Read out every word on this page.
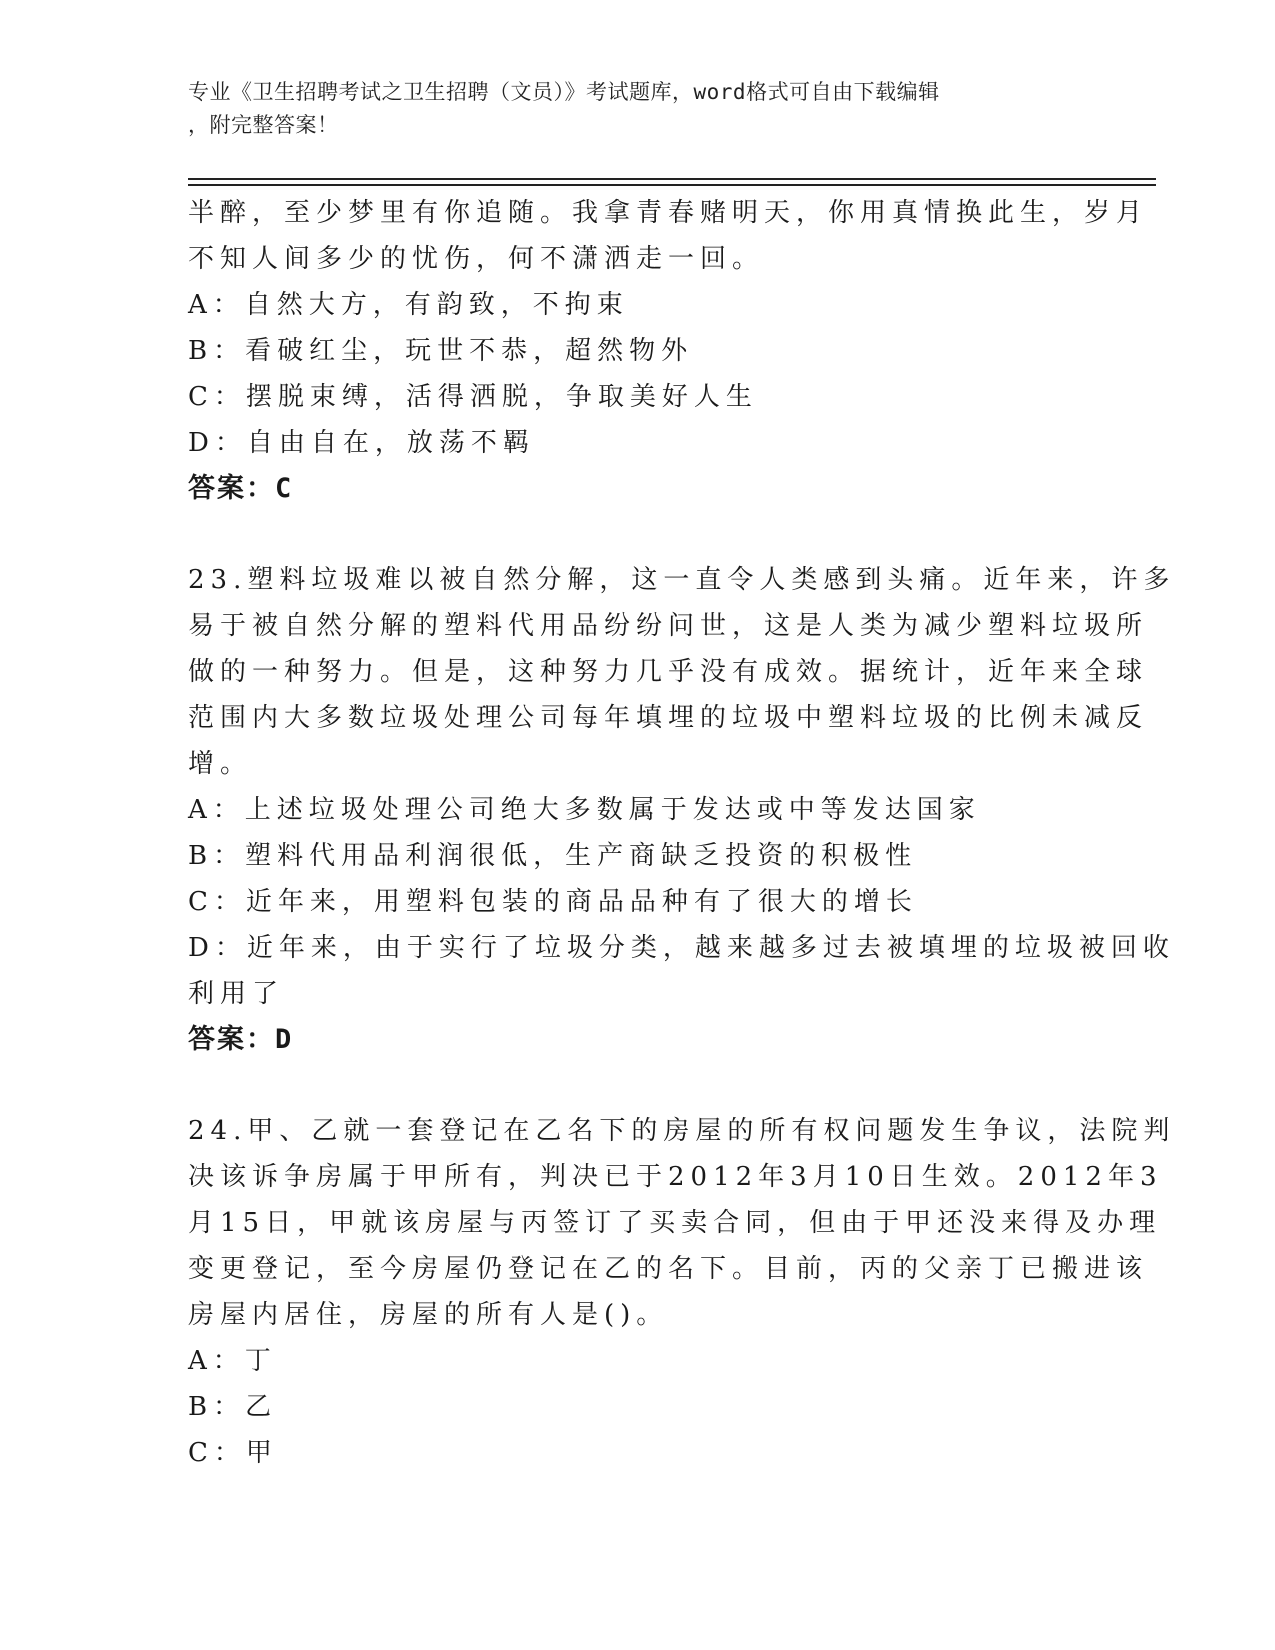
专业《卫生招聘考试之卫生招聘（文员）》考试题库，word格式可自由下载编辑
，附完整答案！
半醉，至少梦里有你追随。我拿青春赌明天，你用真情换此生，岁月
不知人间多少的忧伤，何不潇洒走一回。
A：自然大方，有韵致，不拘束
B：看破红尘，玩世不恭，超然物外
C：摆脱束缚，活得洒脱，争取美好人生
D：自由自在，放荡不羁
答案：C
23.塑料垃圾难以被自然分解，这一直令人类感到头痛。近年来，许多
易于被自然分解的塑料代用品纷纷问世，这是人类为减少塑料垃圾所
做的一种努力。但是，这种努力几乎没有成效。据统计，近年来全球
范围内大多数垃圾处理公司每年填埋的垃圾中塑料垃圾的比例未减反
增。
A：上述垃圾处理公司绝大多数属于发达或中等发达国家
B：塑料代用品利润很低，生产商缺乏投资的积极性
C：近年来，用塑料包装的商品品种有了很大的增长
D：近年来，由于实行了垃圾分类，越来越多过去被填埋的垃圾被回收
利用了
答案：D
24.甲、乙就一套登记在乙名下的房屋的所有权问题发生争议，法院判
决该诉争房属于甲所有，判决已于2012年3月10日生效。2012年3
月15日，甲就该房屋与丙签订了买卖合同，但由于甲还没来得及办理
变更登记，至今房屋仍登记在乙的名下。目前，丙的父亲丁已搬进该
房屋内居住，房屋的所有人是()。
A：丁
B：乙
C：甲
